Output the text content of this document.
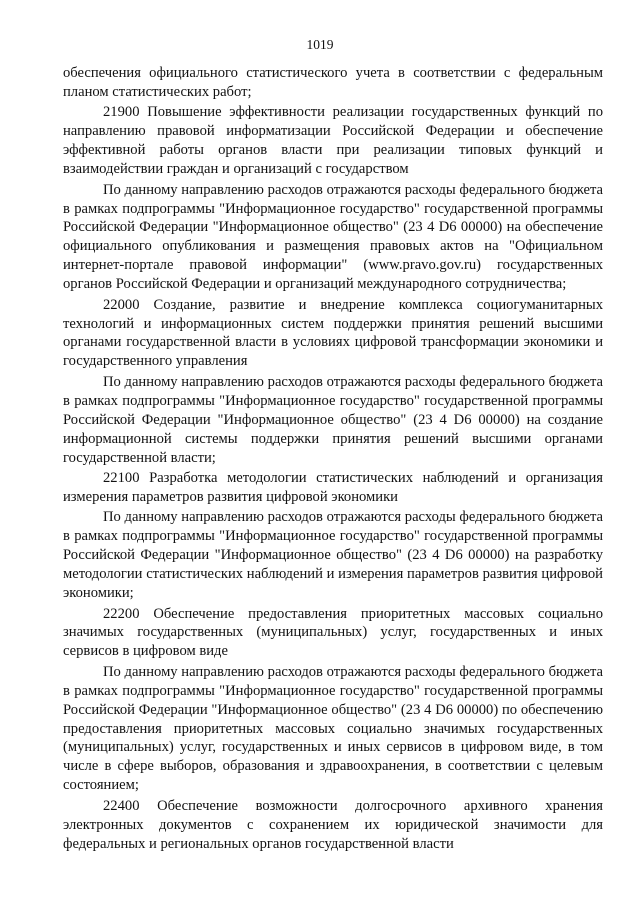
1019

обеспечения официального статистического учета в соответствии с федеральным планом статистических работ;

21900 Повышение эффективности реализации государственных функций по направлению правовой информатизации Российской Федерации и обеспечение эффективной работы органов власти при реализации типовых функций и взаимодействии граждан и организаций с государством

По данному направлению расходов отражаются расходы федерального бюджета в рамках подпрограммы "Информационное государство" государственной программы Российской Федерации "Информационное общество" (23 4 D6 00000) на обеспечение официального опубликования и размещения правовых актов на "Официальном интернет-портале правовой информации" (www.pravo.gov.ru) государственных органов Российской Федерации и организаций международного сотрудничества;

22000 Создание, развитие и внедрение комплекса социогуманитарных технологий и информационных систем поддержки принятия решений высшими органами государственной власти в условиях цифровой трансформации экономики и государственного управления

По данному направлению расходов отражаются расходы федерального бюджета в рамках подпрограммы "Информационное государство" государственной программы Российской Федерации "Информационное общество" (23 4 D6 00000) на создание информационной системы поддержки принятия решений высшими органами государственной власти;

22100 Разработка методологии статистических наблюдений и организация измерения параметров развития цифровой экономики

По данному направлению расходов отражаются расходы федерального бюджета в рамках подпрограммы "Информационное государство" государственной программы Российской Федерации "Информационное общество" (23 4 D6 00000) на разработку методологии статистических наблюдений и измерения параметров развития цифровой экономики;

22200 Обеспечение предоставления приоритетных массовых социально значимых государственных (муниципальных) услуг, государственных и иных сервисов в цифровом виде

По данному направлению расходов отражаются расходы федерального бюджета в рамках подпрограммы "Информационное государство" государственной программы Российской Федерации "Информационное общество" (23 4 D6 00000) по обеспечению предоставления приоритетных массовых социально значимых государственных (муниципальных) услуг, государственных и иных сервисов в цифровом виде, в том числе в сфере выборов, образования и здравоохранения, в соответствии с целевым состоянием;

22400 Обеспечение возможности долгосрочного архивного хранения электронных документов с сохранением их юридической значимости для федеральных и региональных органов государственной власти
